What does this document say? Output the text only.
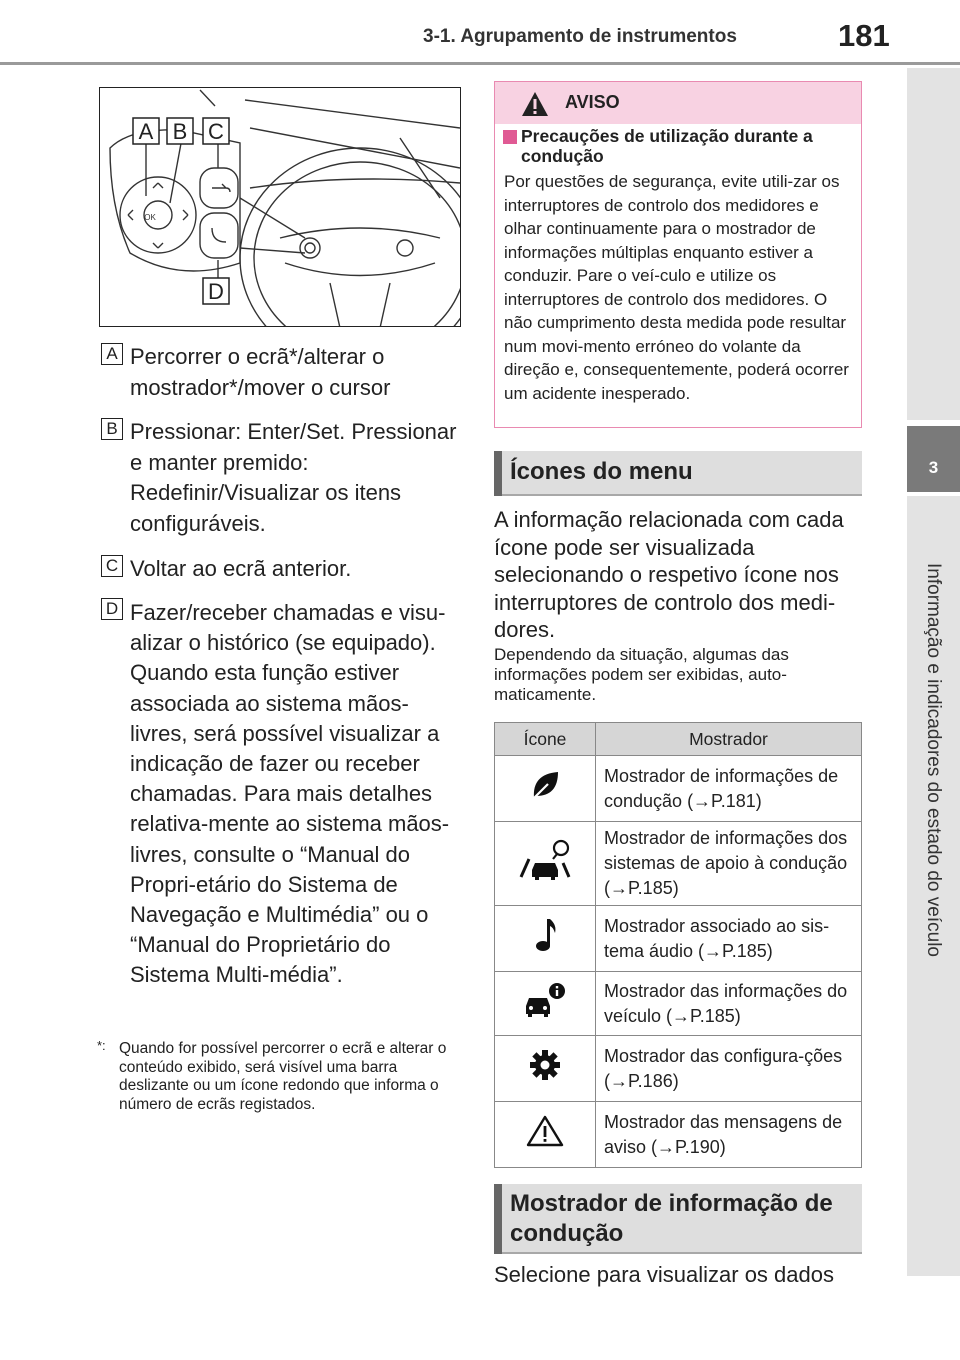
3-1. Agrupamento de instrumentos	181
3
Informação e indicadores do estado do veículo
OK
A B C
D
A Percorrer o ecrã*/alterar o mostrador*/mover o cursor
B Pressionar: Enter/Set. Pressionar e manter premido: Redefinir/Visualizar os itens configuráveis.
C Voltar ao ecrã anterior.
D Fazer/receber chamadas e visu-alizar o histórico (se equipado). Quando esta função estiver associada ao sistema mãos-livres, será possível visualizar a indicação de fazer ou receber chamadas. Para mais detalhes relativa-mente ao sistema mãos-livres, consulte o “Manual do Propri-etário do Sistema de Navegação e Multimédia” ou o “Manual do Proprietário do Sistema Multi-média”.
*: Quando for possível percorrer o ecrã e alterar o conteúdo exibido, será visível uma barra deslizante ou um ícone redondo que informa o número de ecrãs registados.
AVISO
Precauções de utilização durante a condução
Por questões de segurança, evite utili-zar os interruptores de controlo dos medidores e olhar continuamente para o mostrador de informações múltiplas enquanto estiver a conduzir. Pare o veí-culo e utilize os interruptores de controlo dos medidores. O não cumprimento desta medida pode resultar num movi-mento erróneo do volante da direção e, consequentemente, poderá ocorrer um acidente inesperado.
Ícones do menu
A informação relacionada com cada ícone pode ser visualizada selecionando o respetivo ícone nos interruptores de controlo dos medi-dores.
Dependendo da situação, algumas das informações podem ser exibidas, auto-maticamente.
Ícone	Mostrador
	Mostrador de informações de condução (→P.181)
	Mostrador de informações dos sistemas de apoio à condução (→P.185)
	Mostrador associado ao sis-tema áudio (→P.185)
	Mostrador das informações do veículo (→P.185)
	Mostrador das configura-ções (→P.186)
	Mostrador das mensagens de aviso (→P.190)
Mostrador de informação de condução
Selecione para visualizar os dados
